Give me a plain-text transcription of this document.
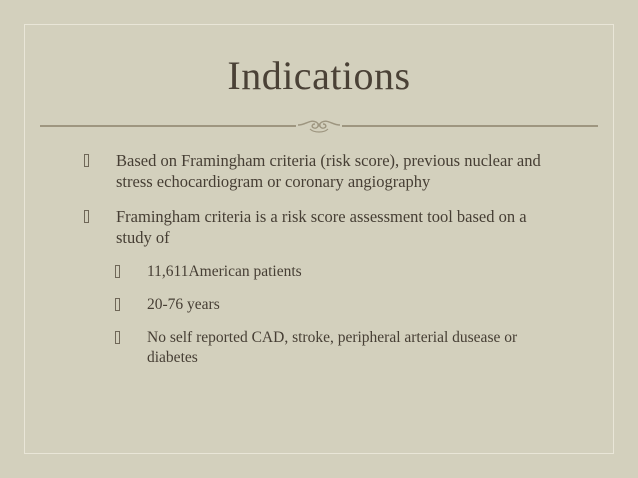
Indications
Based on Framingham criteria (risk score), previous nuclear and stress echocardiogram or coronary angiography
Framingham criteria is a risk score assessment tool based on a study of
11,611American patients
20-76 years
No self reported CAD, stroke, peripheral arterial dusease or diabetes
